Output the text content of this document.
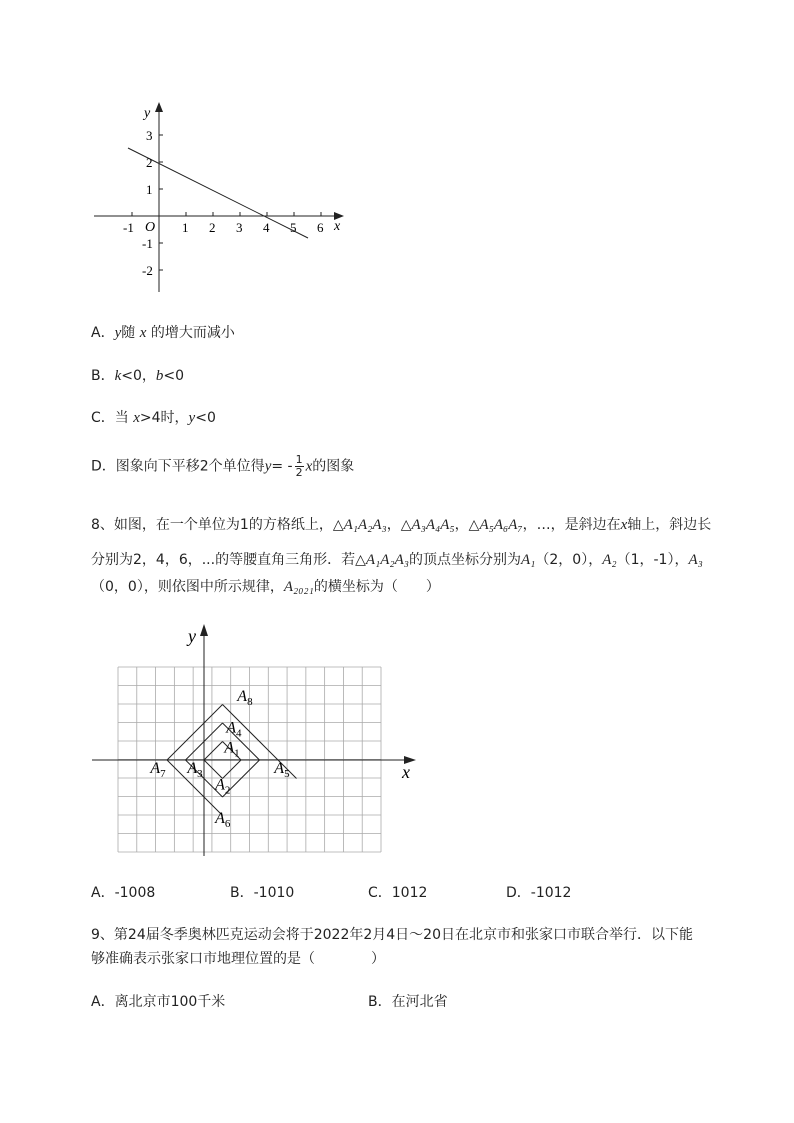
y
x
O
-1	1 2 3 4 5 6
3
2
1
-1
-2
A．y随 x 的增大而减小
B．k<0，b<0
C．当 x>4时，y<0
D．图象向下平移2个单位得$y= - \frac{1}{2}$ x的图象
8、如图，在一个单位为1的方格纸上，△A₁A₂A₃，△A₃A₄A₅，△A₅A₆A₇，…，是斜边在x轴上，斜边长
分别为2，4，6，...的等腰直角三角形．若△A₁A₂A₃的顶点坐标分别为A₁（2，0），A₂（1，-1），A₃
（0，0），则依图中所示规律，A₂₀₂₁的横坐标为（　　）
x
y
$A_1$
$A_2$
$A_3$
$A_4$
$A_5$
$A_6$
$A_7$
$A_8$
A．-1008	B．-1010	C．1012	D．-1012
9、第24届冬季奥林匹克运动会将于2022年2月4日～20日在北京市和张家口市联合举行．以下能
够准确表示张家口市地理位置的是（　　　　）
A．离北京市100千米	B．在河北省
